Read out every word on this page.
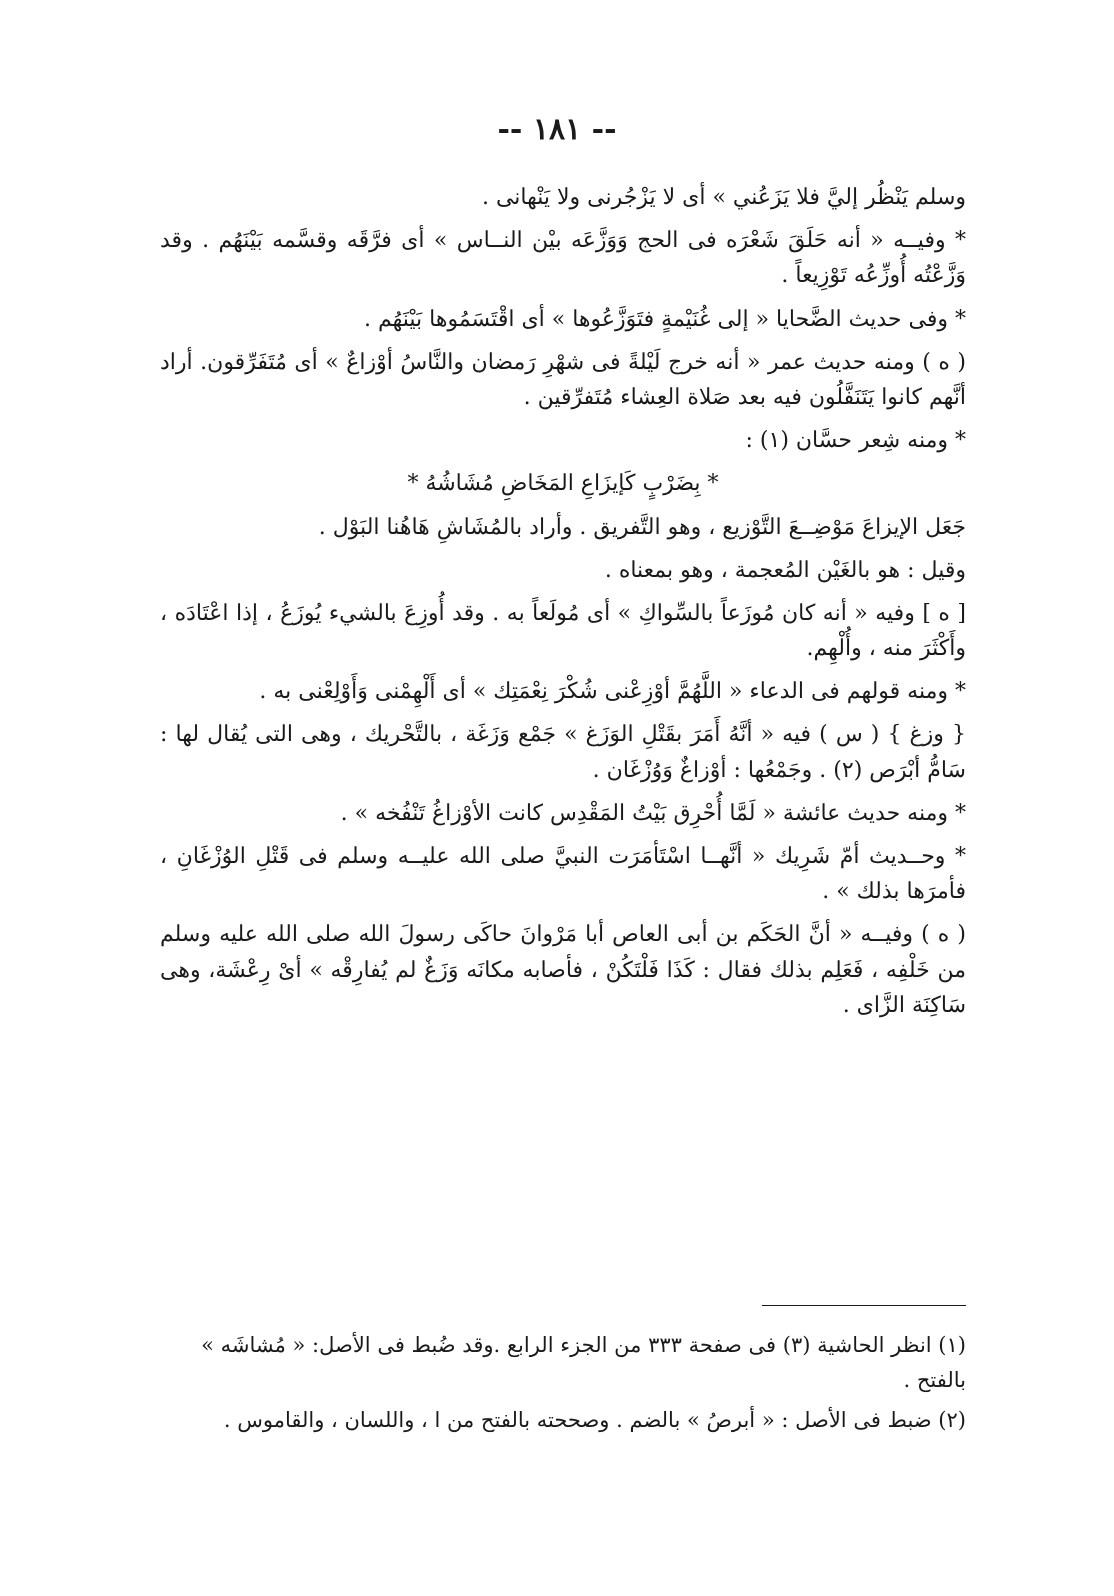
-- ١٨١ --

وسلم يَنْظُر إليَّ فلا يَزَعُني » أى لا يَزْجُرنى ولا يَنْهانى .

* وفيــه « أنه حَلَقَ شَعْرَه فى الحج وَوَزَّعَه بيْن النــاس » أى فرَّقَه وقسَّمه بَيْنَهُم . وقد وَزَّعْتُه أُوزِّعُه تَوْزِيعاً .

* وفى حديث الضَّحايا « إلى غُنَيْمةٍ فتَوَزَّعُوها » أى اقْتَسَمُوها بَيْنَهُم .

( ه ) ومنه حديث عمر « أنه خرج لَيْلةً فى شهْرِ رَمضان والنَّاسُ أوْزاعٌ » أى مُتَفَرِّقون. أراد أنَّهم كانوا يَتَنَفَّلُون فيه بعد صَلاة العِشاء مُتَفرِّقين .

* ومنه شِعر حسَّان (١) :

* بِضَرْبٍ كَإيزَاعِ المَخَاضِ مُشَاشُهُ *

جَعَل الإيزاعَ مَوْضِــعَ التَّوْزيع ، وهو التَّفريق . وأراد بالمُشَاشِ هَاهُنا البَوْل .

وقيل : هو بالغَيْن المُعجمة ، وهو بمعناه .

[ ه ] وفيه « أنه كان مُوزَعاً بالسِّواكِ » أى مُولَعاً به . وقد أُوزِعَ بالشيء يُوزَعُ ، إذا اعْتَادَه ، وأَكْثَرَ منه ، وأُلْهِم.

* ومنه قولهم فى الدعاء « اللَّهُمَّ أوْزِعْنى شُكْرَ نِعْمَتِك » أى أَلْهِمْنى وَأَوْلِعْنى به .

{ وزغ } ( س ) فيه « أنَّهُ أَمَرَ بقَتْلِ الوَزَغ » جَمْع وَزَغَة ، بالتَّحْريك ، وهى التى يُقال لها : سَامُّ أبْرَص (٢) . وجَمْعُها : أوْزاغٌ وَوُزْغَان .

* ومنه حديث عائشة « لَمَّا أُحْرِق بَيْتُ المَقْدِس كانت الأوْزاغُ تَنْفُخه » .

* وحــديث أمّ شَرِيك « أنَّهــا اسْتَأمَرَت النبيَّ صلى الله عليــه وسلم فى قَتْلِ الوُزْغَانِ ، فأمرَها بذلك » .

( ه ) وفيــه « أنَّ الحَكَم بن أبى العاص أبا مَرْوانَ حاكَى رسولَ الله صلى الله عليه وسلم من خَلْفِه ، فَعَلِم بذلك فقال : كَذَا فَلْتَكُنْ ، فأصابه مكانَه وَزَغٌ لم يُفارِقْه » أىْ رِعْشَة، وهى سَاكِنَة الزَّاى .

(١) انظر الحاشية (٣) فى صفحة ٣٣٣ من الجزء الرابع .وقد ضُبط فى الأصل: « مُشاشَه » بالفتح .

(٢) ضبط فى الأصل : « أبرصُ » بالضم . وصححته بالفتح من ا ، واللسان ، والقاموس .
